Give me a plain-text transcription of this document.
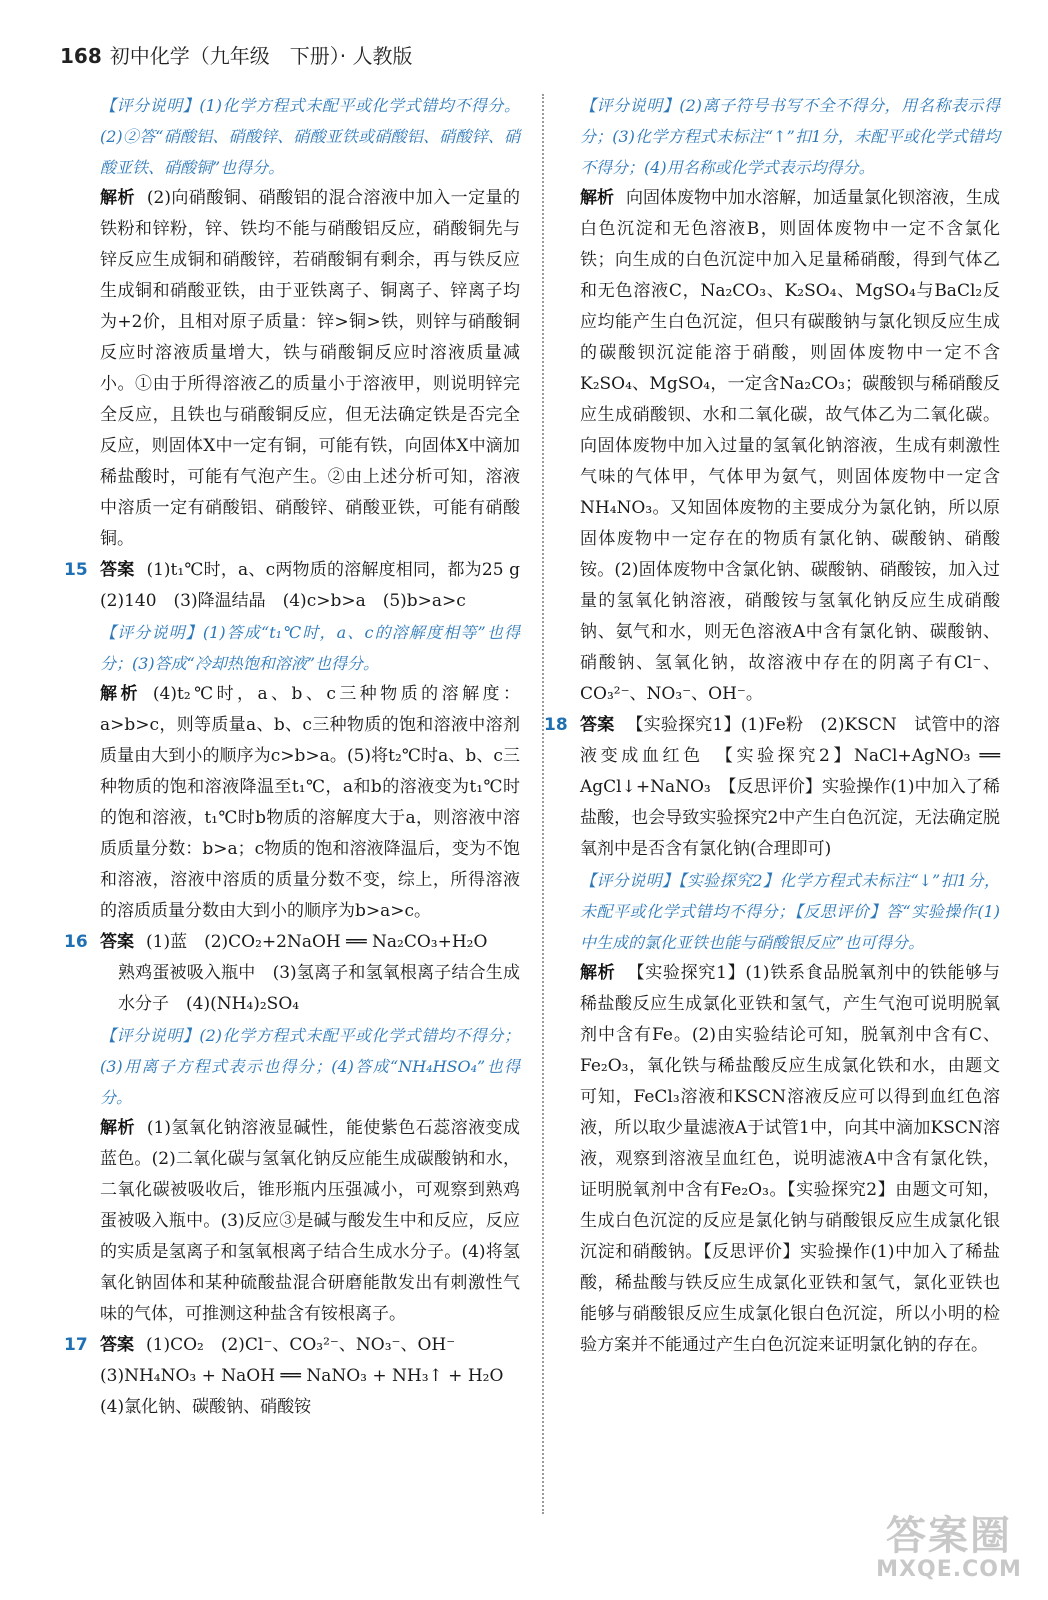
168 初中化学（九年级　下册）· 人教版

【评分说明】(1)化学方程式未配平或化学式错均不得分。(2)②答“硝酸铝、硝酸锌、硝酸亚铁或硝酸铝、硝酸锌、硝酸亚铁、硝酸铜”也得分。

解析 (2)向硝酸铜、硝酸铝的混合溶液中加入一定量的铁粉和锌粉，锌、铁均不能与硝酸铝反应，硝酸铜先与锌反应生成铜和硝酸锌，若硝酸铜有剩余，再与铁反应生成铜和硝酸亚铁，由于亚铁离子、铜离子、锌离子均为+2价，且相对原子质量：锌>铜>铁，则锌与硝酸铜反应时溶液质量增大，铁与硝酸铜反应时溶液质量减小。①由于所得溶液乙的质量小于溶液甲，则说明锌完全反应，且铁也与硝酸铜反应，但无法确定铁是否完全反应，则固体X中一定有铜，可能有铁，向固体X中滴加稀盐酸时，可能有气泡产生。②由上述分析可知，溶液中溶质一定有硝酸铝、硝酸锌、硝酸亚铁，可能有硝酸铜。

15 答案 (1)t₁℃时，a、c两物质的溶解度相同，都为25 g　(2)140　(3)降温结晶　(4)c>b>a　(5)b>a>c

【评分说明】(1)答成“t₁℃时，a、c的溶解度相等”也得分；(3)答成“冷却热饱和溶液”也得分。

解析 (4)t₂℃时，a、b、c三种物质的溶解度：a>b>c，则等质量a、b、c三种物质的饱和溶液中溶剂质量由大到小的顺序为c>b>a。(5)将t₂℃时a、b、c三种物质的饱和溶液降温至t₁℃，a和b的溶液变为t₁℃时的饱和溶液，t₁℃时b物质的溶解度大于a，则溶液中溶质质量分数：b>a；c物质的饱和溶液降温后，变为不饱和溶液，溶液中溶质的质量分数不变，综上，所得溶液的溶质质量分数由大到小的顺序为b>a>c。

16 答案 (1)蓝　(2)CO₂+2NaOH ══ Na₂CO₃+H₂O

熟鸡蛋被吸入瓶中　(3)氢离子和氢氧根离子结合生成水分子　(4)(NH₄)₂SO₄

【评分说明】(2)化学方程式未配平或化学式错均不得分；(3)用离子方程式表示也得分；(4)答成“NH₄HSO₄”也得分。

解析 (1)氢氧化钠溶液显碱性，能使紫色石蕊溶液变成蓝色。(2)二氧化碳与氢氧化钠反应能生成碳酸钠和水，二氧化碳被吸收后，锥形瓶内压强减小，可观察到熟鸡蛋被吸入瓶中。(3)反应③是碱与酸发生中和反应，反应的实质是氢离子和氢氧根离子结合生成水分子。(4)将氢氧化钠固体和某种硫酸盐混合研磨能散发出有刺激性气味的气体，可推测这种盐含有铵根离子。

17 答案 (1)CO₂　(2)Cl⁻、CO₃²⁻、NO₃⁻、OH⁻

(3)NH₄NO₃ + NaOH ══ NaNO₃ + NH₃↑ + H₂O

(4)氯化钠、碳酸钠、硝酸铵

【评分说明】(2)离子符号书写不全不得分，用名称表示得分；(3)化学方程式未标注“↑”扣1分，未配平或化学式错均不得分；(4)用名称或化学式表示均得分。

解析 向固体废物中加水溶解，加适量氯化钡溶液，生成白色沉淀和无色溶液B，则固体废物中一定不含氯化铁；向生成的白色沉淀中加入足量稀硝酸，得到气体乙和无色溶液C，Na₂CO₃、K₂SO₄、MgSO₄与BaCl₂反应均能产生白色沉淀，但只有碳酸钠与氯化钡反应生成的碳酸钡沉淀能溶于硝酸，则固体废物中一定不含K₂SO₄、MgSO₄，一定含Na₂CO₃；碳酸钡与稀硝酸反应生成硝酸钡、水和二氧化碳，故气体乙为二氧化碳。向固体废物中加入过量的氢氧化钠溶液，生成有刺激性气味的气体甲，气体甲为氨气，则固体废物中一定含NH₄NO₃。又知固体废物的主要成分为氯化钠，所以原固体废物中一定存在的物质有氯化钠、碳酸钠、硝酸铵。(2)固体废物中含氯化钠、碳酸钠、硝酸铵，加入过量的氢氧化钠溶液，硝酸铵与氢氧化钠反应生成硝酸钠、氨气和水，则无色溶液A中含有氯化钠、碳酸钠、硝酸钠、氢氧化钠，故溶液中存在的阴离子有Cl⁻、CO₃²⁻、NO₃⁻、OH⁻。

18 答案 【实验探究1】(1)Fe粉　(2)KSCN　试管中的溶液变成血红色　【实验探究2】NaCl+AgNO₃ ══ AgCl↓+NaNO₃　【反思评价】实验操作(1)中加入了稀盐酸，也会导致实验探究2中产生白色沉淀，无法确定脱氧剂中是否含有氯化钠(合理即可)

【评分说明】【实验探究2】化学方程式未标注“↓”扣1分，未配平或化学式错均不得分；【反思评价】答“实验操作(1)中生成的氯化亚铁也能与硝酸银反应”也可得分。

解析 【实验探究1】(1)铁系食品脱氧剂中的铁能够与稀盐酸反应生成氯化亚铁和氢气，产生气泡可说明脱氧剂中含有Fe。(2)由实验结论可知，脱氧剂中含有C、Fe₂O₃，氧化铁与稀盐酸反应生成氯化铁和水，由题文可知，FeCl₃溶液和KSCN溶液反应可以得到血红色溶液，所以取少量滤液A于试管1中，向其中滴加KSCN溶液，观察到溶液呈血红色，说明滤液A中含有氯化铁，证明脱氧剂中含有Fe₂O₃。【实验探究2】由题文可知，生成白色沉淀的反应是氯化钠与硝酸银反应生成氯化银沉淀和硝酸钠。【反思评价】实验操作(1)中加入了稀盐酸，稀盐酸与铁反应生成氯化亚铁和氢气，氯化亚铁也能够与硝酸银反应生成氯化银白色沉淀，所以小明的检验方案并不能通过产生白色沉淀来证明氯化钠的存在。

答案圈
MXQE.COM
